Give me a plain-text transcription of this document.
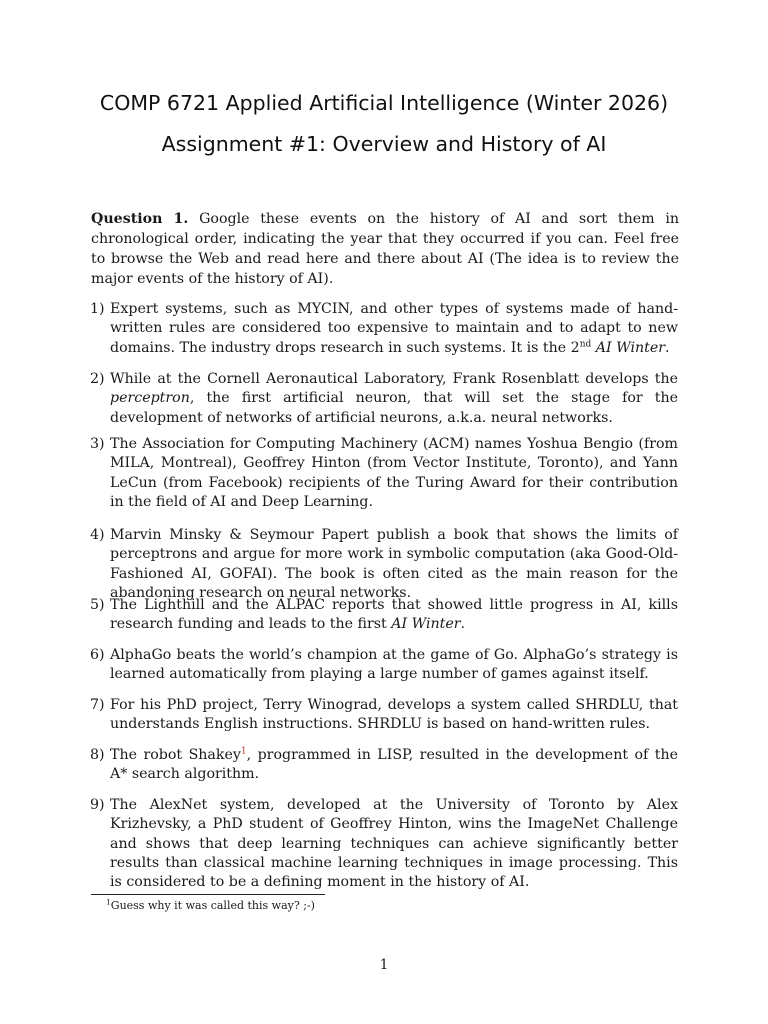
COMP 6721 Applied Artificial Intelligence (Winter 2026)
Assignment #1: Overview and History of AI
Question 1. Google these events on the history of AI and sort them in chronological order, indicating the year that they occurred if you can. Feel free to browse the Web and read here and there about AI (The idea is to review the major events of the history of AI).
1) Expert systems, such as MYCIN, and other types of systems made of hand-written rules are considered too expensive to maintain and to adapt to new domains. The industry drops research in such systems. It is the 2nd AI Winter.
2) While at the Cornell Aeronautical Laboratory, Frank Rosenblatt develops the perceptron, the first artificial neuron, that will set the stage for the development of networks of artificial neurons, a.k.a. neural networks.
3) The Association for Computing Machinery (ACM) names Yoshua Bengio (from MILA, Montreal), Geoffrey Hinton (from Vector Institute, Toronto), and Yann LeCun (from Facebook) recipients of the Turing Award for their contribution in the field of AI and Deep Learning.
4) Marvin Minsky & Seymour Papert publish a book that shows the limits of perceptrons and argue for more work in symbolic computation (aka Good-Old-Fashioned AI, GOFAI). The book is often cited as the main reason for the abandoning research on neural networks.
5) The Lighthill and the ALPAC reports that showed little progress in AI, kills research funding and leads to the first AI Winter.
6) AlphaGo beats the world’s champion at the game of Go. AlphaGo’s strategy is learned automatically from playing a large number of games against itself.
7) For his PhD project, Terry Winograd, develops a system called SHRDLU, that understands English instructions. SHRDLU is based on hand-written rules.
8) The robot Shakey$^1$, programmed in LISP, resulted in the development of the A* search algorithm.
9) The AlexNet system, developed at the University of Toronto by Alex Krizhevsky, a PhD student of Geoffrey Hinton, wins the ImageNet Challenge and shows that deep learning techniques can achieve significantly better results than classical machine learning techniques in image processing. This is considered to be a defining moment in the history of AI.
$^1$Guess why it was called this way? ;-)
1
